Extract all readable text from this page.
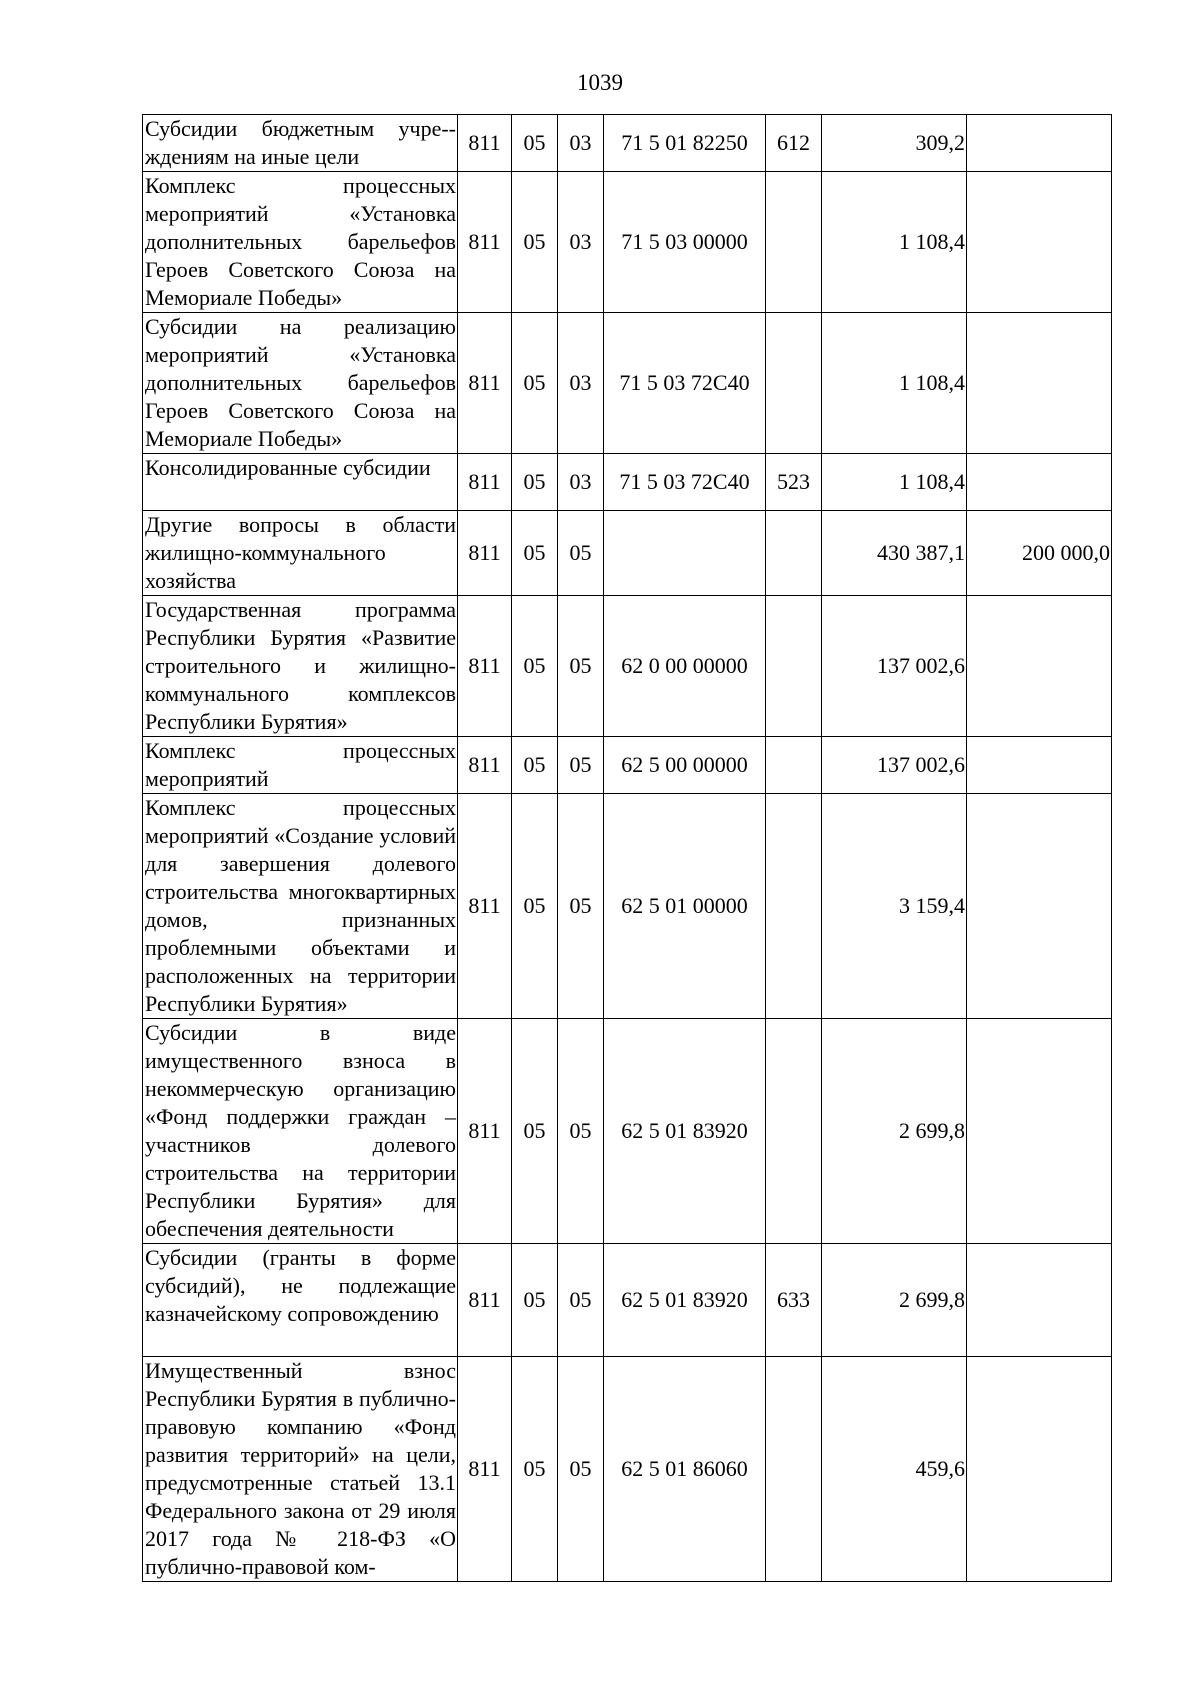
1039
Субсидии бюджетным учре-ждениям на иные цели	811	05	03	71 5 01 82250	612	309,2	
Комплекс процессных мероприятий «Установка дополнительных барельефов Героев Советского Союза на Мемориале Победы»	811	05	03	71 5 03 00000		1 108,4	
Субсидии на реализацию мероприятий «Установка дополнительных барельефов Героев Советского Союза на Мемориале Победы»	811	05	03	71 5 03 72С40		1 108,4	
Консолидированные субсидии	811	05	03	71 5 03 72С40	523	1 108,4	
Другие вопросы в области жилищно-коммунального хозяйства	811	05	05			430 387,1	200 000,0
Государственная программа Республики Бурятия «Развитие строительного и жилищно-коммунального комплексов Республики Бурятия»	811	05	05	62 0 00 00000		137 002,6	
Комплекс процессных мероприятий	811	05	05	62 5 00 00000		137 002,6	
Комплекс процессных мероприятий «Создание условий для завершения долевого строительства многоквартирных домов, признанных проблемными объектами и расположенных на территории Республики Бурятия»	811	05	05	62 5 01 00000		3 159,4	
Субсидии в виде имущественного взноса в некоммерческую организацию «Фонд поддержки граждан – участников долевого строительства на территории Республики Бурятия» для обеспечения деятельности	811	05	05	62 5 01 83920		2 699,8	
Субсидии (гранты в форме субсидий), не подлежащие казначейскому сопровождению	811	05	05	62 5 01 83920	633	2 699,8	
Имущественный взнос Республики Бурятия в публично-правовую компанию «Фонд развития территорий» на цели, предусмотренные статьей 13.1 Федерального закона от 29 июля 2017 года № 218-ФЗ «О публично-правовой ком-	811	05	05	62 5 01 86060		459,6	
